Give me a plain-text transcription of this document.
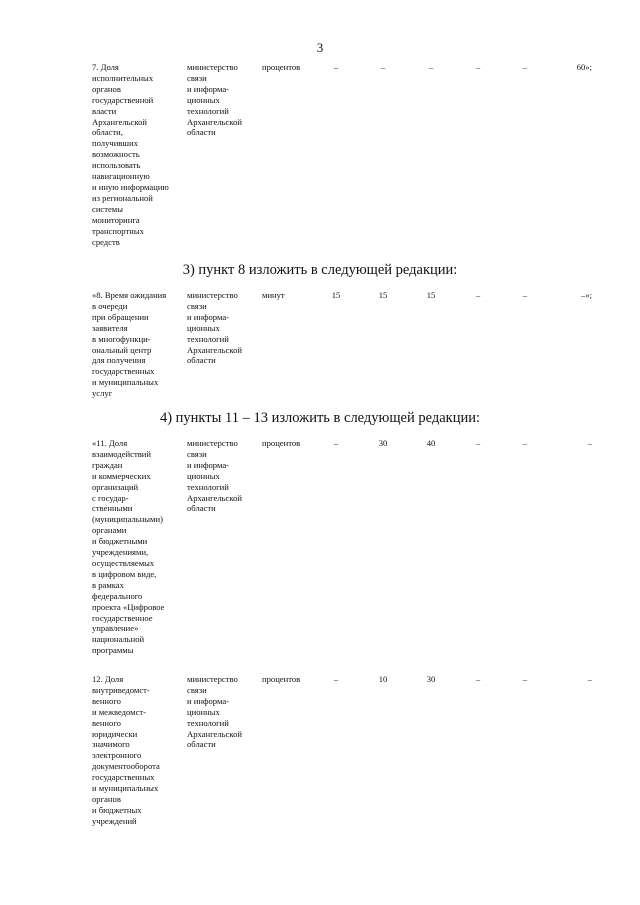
3
7. Доля
исполнительных
органов
государственной
власти
Архангельской
области,
получивших
возможность
использовать
навигационную
и иную информацию
из региональной
системы
мониторинга
транспортных
средств
министерство
связи
и информа-
ционных
технологий
Архангельской
области
процентов	–	–	–	–	–	60»;
3) пункт 8 изложить в следующей редакции:
«8. Время ожидания
в очереди
при обращении
заявителя
в многофункци-
ональный центр
для получения
государственных
и муниципальных
услуг
министерство
связи
и информа-
ционных
технологий
Архангельской
области
минут	15	15	15	–	–	–»;
4) пункты 11 – 13 изложить в следующей редакции:
«11. Доля
взаимодействий
граждан
и коммерческих
организаций
с государ-
ственными
(муниципальными)
органами
и бюджетными
учреждениями,
осуществляемых
в цифровом виде,
в рамках
федерального
проекта «Цифровое
государственное
управление»
национальной
программы
министерство
связи
и информа-
ционных
технологий
Архангельской
области
процентов	–	30	40	–	–	–
12. Доля
внутриведомст-
венного
и межведомст-
венного
юридически
значимого
электронного
документооборота
государственных
и муниципальных
органов
и бюджетных
учреждений
министерство
связи
и информа-
ционных
технологий
Архангельской
области
процентов	–	10	30	–	–	–
